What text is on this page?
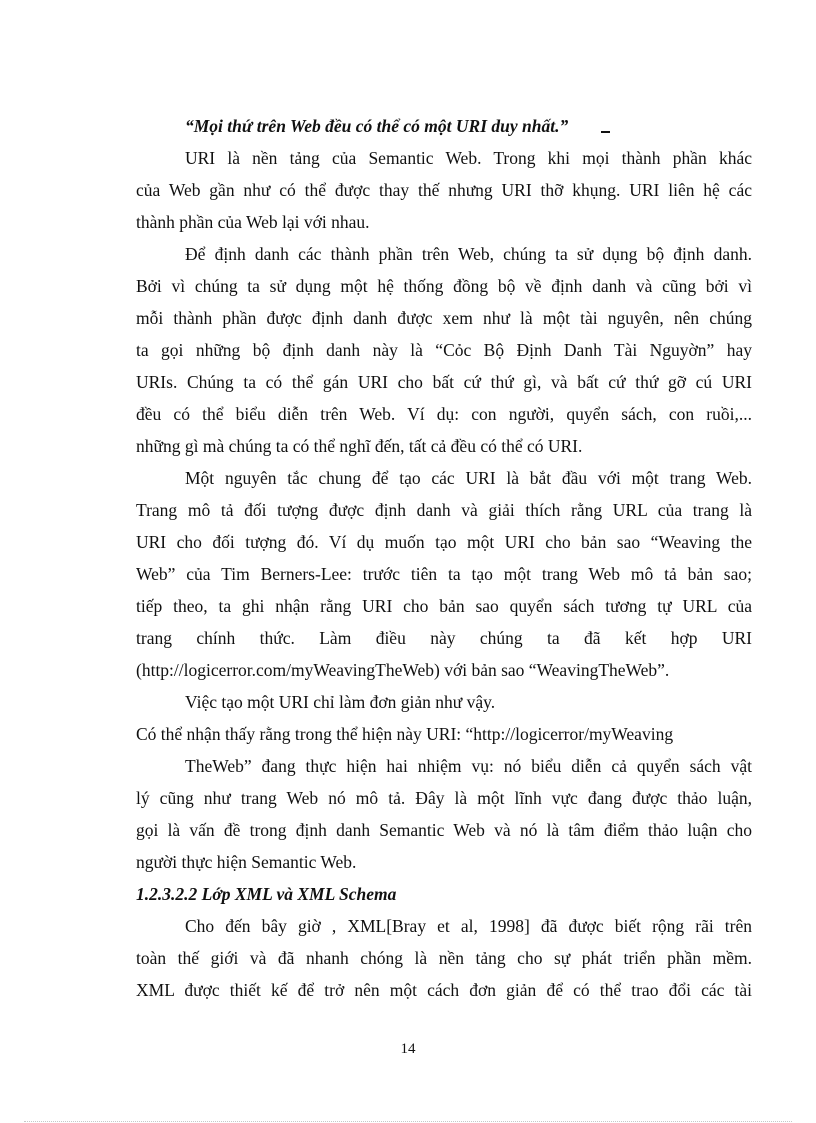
“Mọi thứ trên Web đều có thể có một URI duy nhất.”
URI là nền tảng của Semantic Web. Trong khi mọi thành phần khác
của Web gần như có thể được thay thế nhưng URI thỡ khụng. URI liên hệ các
thành phần của Web lại với nhau.
Để định danh các thành phần trên Web, chúng ta sử dụng bộ định danh.
Bởi vì chúng ta sử dụng một hệ thống đồng bộ về định danh và cũng bởi vì
mỗi thành phần được định danh được xem như là một tài nguyên, nên chúng
ta gọi những bộ định danh này là “Cỏc Bộ Định Danh Tài Nguyờn” hay
URIs. Chúng ta có thể gán URI cho bất cứ thứ gì, và bất cứ thứ gỡ cú URI
đều có thể biểu diễn trên Web. Ví dụ: con người, quyển sách, con ruồi,...
những gì mà chúng ta có thể nghĩ đến, tất cả đều có thể có URI.
Một nguyên tắc chung để tạo các URI là bắt đầu với một trang Web.
Trang mô tả đối tượng được định danh và giải thích rằng URL của trang là
URI cho đối tượng đó. Ví dụ muốn tạo một URI cho bản sao “Weaving the
Web” của Tim Berners-Lee: trước tiên ta tạo một trang Web mô tả bản sao;
tiếp theo, ta ghi nhận rằng URI cho bản sao quyển sách tương tự URL của
trang chính thức. Làm điều này chúng ta đã kết hợp URI
(http://logicerror.com/myWeavingTheWeb) với bản sao “WeavingTheWeb”.
Việc tạo một URI chỉ làm đơn giản như vậy.
Có thể nhận thấy rằng trong thể hiện này URI: “http://logicerror/myWeaving
TheWeb” đang thực hiện hai nhiệm vụ: nó biểu diễn cả quyển sách vật
lý cũng như trang Web nó mô tả. Đây là một lĩnh vực đang được thảo luận,
gọi là vấn đề trong định danh Semantic Web và nó là tâm điểm thảo luận cho
người thực hiện Semantic Web.
1.2.3.2.2 Lớp XML và XML Schema
Cho đến bây giờ , XML[Bray et al, 1998] đã được biết rộng rãi trên
toàn thế giới và đã nhanh chóng là nền tảng cho sự phát triển phần mềm.
XML được thiết kế để trở nên một cách đơn giản để có thể trao đổi các tài
14
